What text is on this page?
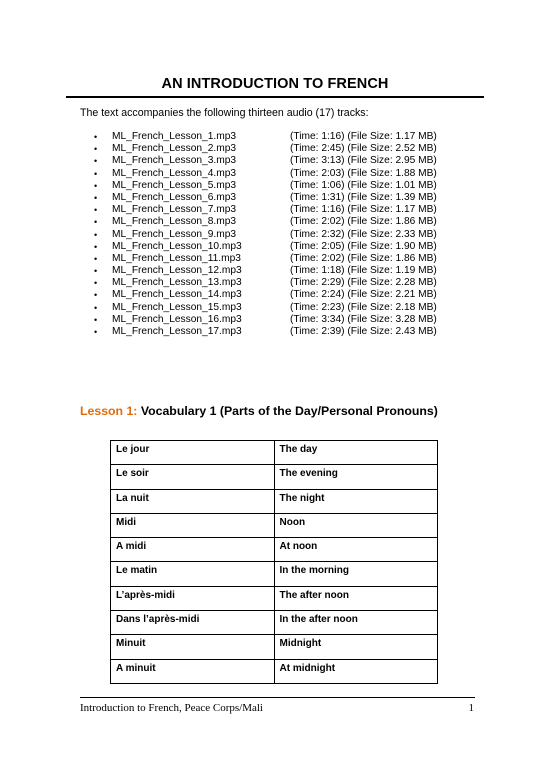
AN INTRODUCTION TO FRENCH
The text accompanies the following thirteen audio (17) tracks:
•	ML_French_Lesson_1.mp3	(Time: 1:16) (File Size: 1.17 MB)
•	ML_French_Lesson_2.mp3	(Time: 2:45) (File Size: 2.52 MB)
•	ML_French_Lesson_3.mp3	(Time: 3:13) (File Size: 2.95 MB)
•	ML_French_Lesson_4.mp3	(Time: 2:03) (File Size: 1.88 MB)
•	ML_French_Lesson_5.mp3	(Time: 1:06) (File Size: 1.01 MB)
•	ML_French_Lesson_6.mp3	(Time: 1:31) (File Size: 1.39 MB)
•	ML_French_Lesson_7.mp3	(Time: 1:16) (File Size: 1.17 MB)
•	ML_French_Lesson_8.mp3	(Time: 2:02) (File Size: 1.86 MB)
•	ML_French_Lesson_9.mp3	(Time: 2:32) (File Size: 2.33 MB)
•	ML_French_Lesson_10.mp3	(Time: 2:05) (File Size: 1.90 MB)
•	ML_French_Lesson_11.mp3	(Time: 2:02) (File Size: 1.86 MB)
•	ML_French_Lesson_12.mp3	(Time: 1:18) (File Size: 1.19 MB)
•	ML_French_Lesson_13.mp3	(Time: 2:29) (File Size: 2.28 MB)
•	ML_French_Lesson_14.mp3	(Time: 2:24) (File Size: 2.21 MB)
•	ML_French_Lesson_15.mp3	(Time: 2:23) (File Size: 2.18 MB)
•	ML_French_Lesson_16.mp3	(Time: 3:34) (File Size: 3.28 MB)
•	ML_French_Lesson_17.mp3	(Time: 2:39) (File Size: 2.43 MB)
Lesson 1: Vocabulary 1 (Parts of the Day/Personal Pronouns)
Le jour	The day
Le soir	The evening
La nuit	The night
Midi	Noon
A midi	At noon
Le matin	In the morning
L’après-midi	The after noon
Dans l’après-midi	In the after noon
Minuit	Midnight
A minuit	At midnight
Introduction to French, Peace Corps/Mali	1
